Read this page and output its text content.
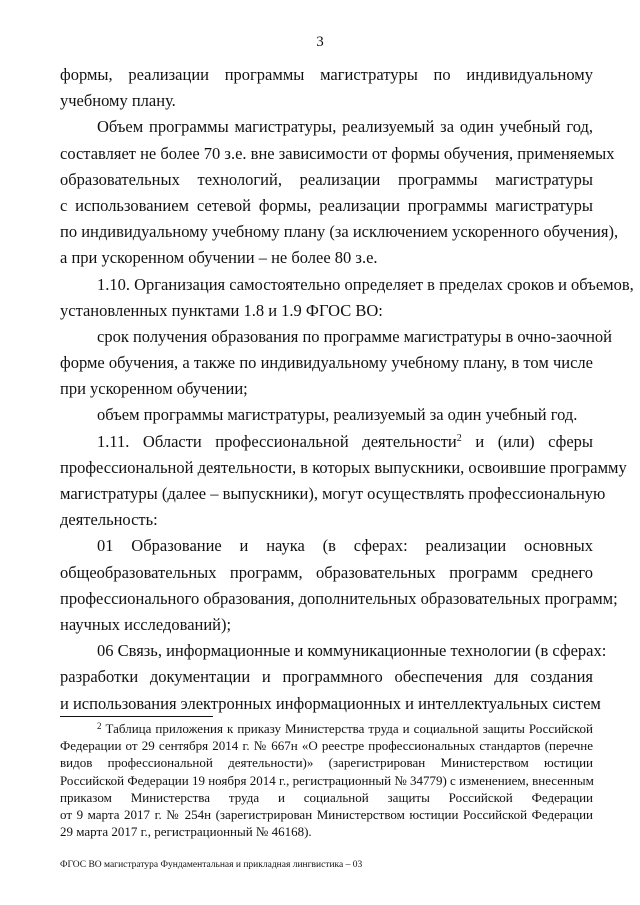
3
формы, реализации программы магистратуры по индивидуальному
учебному плану.
Объем программы магистратуры, реализуемый за один учебный год,
составляет не более 70 з.е. вне зависимости от формы обучения, применяемых
образовательных технологий, реализации программы магистратуры
с использованием сетевой формы, реализации программы магистратуры
по индивидуальному учебному плану (за исключением ускоренного обучения),
а при ускоренном обучении – не более 80 з.е.
1.10. Организация самостоятельно определяет в пределах сроков и объемов,
установленных пунктами 1.8 и 1.9 ФГОС ВО:
срок получения образования по программе магистратуры в очно-заочной
форме обучения, а также по индивидуальному учебному плану, в том числе
при ускоренном обучении;
объем программы магистратуры, реализуемый за один учебный год.
1.11. Области профессиональной деятельности$^2$ и (или) сферы
профессиональной деятельности, в которых выпускники, освоившие программу
магистратуры (далее – выпускники), могут осуществлять профессиональную
деятельность:
01 Образование и наука (в сферах: реализации основных
общеобразовательных программ, образовательных программ среднего
профессионального образования, дополнительных образовательных программ;
научных исследований);
06 Связь, информационные и коммуникационные технологии (в сферах:
разработки документации и программного обеспечения для создания
и использования электронных информационных и интеллектуальных систем
$^2$ Таблица приложения к приказу Министерства труда и социальной защиты Российской
Федерации от 29 сентября 2014 г. № 667н «О реестре профессиональных стандартов (перечне
видов профессиональной деятельности)» (зарегистрирован Министерством юстиции
Российской Федерации 19 ноября 2014 г., регистрационный № 34779) с изменением, внесенным
приказом Министерства труда и социальной защиты Российской Федерации
от 9 марта 2017 г. № 254н (зарегистрирован Министерством юстиции Российской Федерации
29 марта 2017 г., регистрационный № 46168).
ФГОС ВО магистратура Фундаментальная и прикладная лингвистика – 03
